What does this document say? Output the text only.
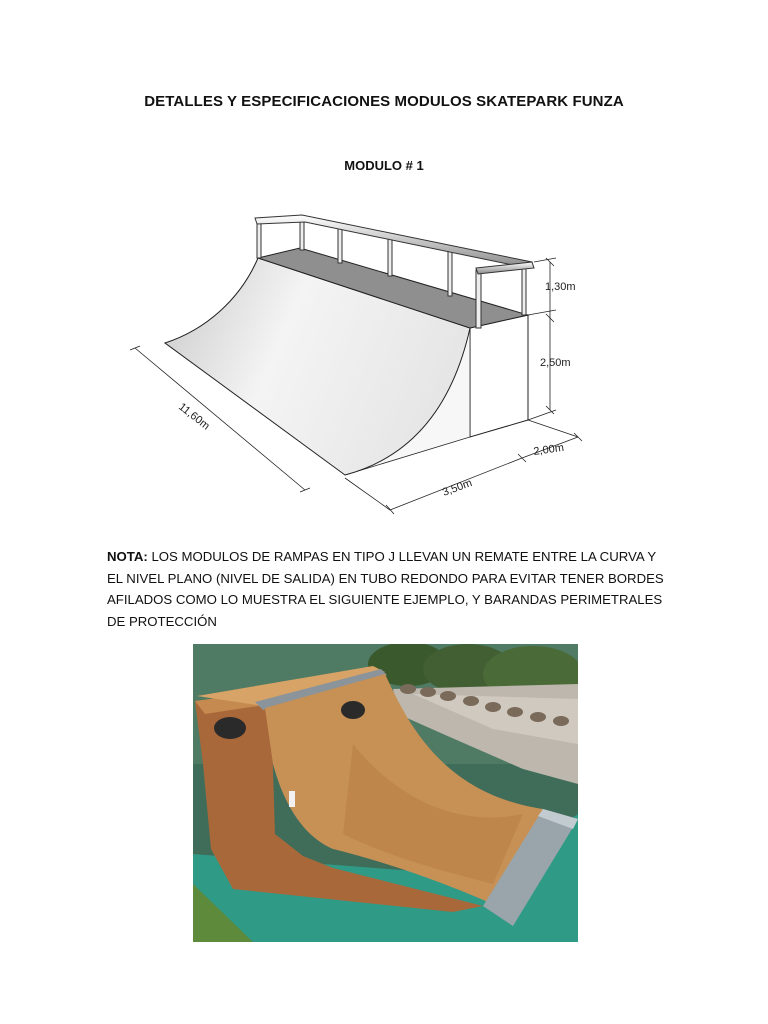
DETALLES Y ESPECIFICACIONES MODULOS SKATEPARK FUNZA
MODULO # 1
1,30m
2,50m
11,60m
3,50m
2,00m
NOTA: LOS MODULOS DE RAMPAS EN TIPO J LLEVAN UN REMATE ENTRE LA CURVA Y EL NIVEL PLANO (NIVEL DE SALIDA) EN TUBO REDONDO PARA EVITAR TENER BORDES AFILADOS COMO LO MUESTRA EL SIGUIENTE EJEMPLO, Y BARANDAS PERIMETRALES DE PROTECCIÓN
